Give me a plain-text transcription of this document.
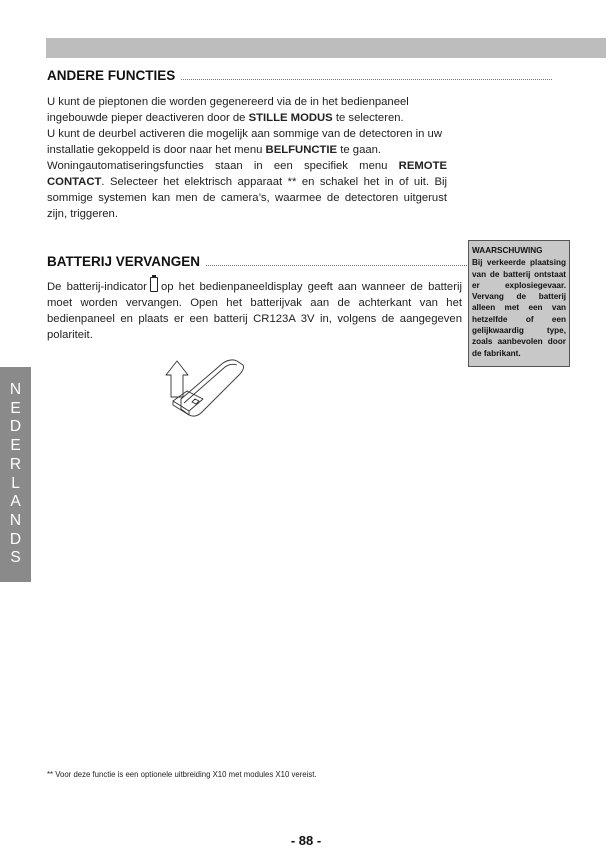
ANDERE FUNCTIES

U kunt de pieptonen die worden gegenereerd via de in het bedienpaneel
ingebouwde pieper deactiveren door de STILLE MODUS te selecteren.
U kunt de deurbel activeren die mogelijk aan sommige van de detectoren in uw
installatie gekoppeld is door naar het menu BELFUNCTIE te gaan.
Woningautomatiseringsfuncties staan in een specifiek menu REMOTE
CONTACT. Selecteer het elektrisch apparaat ** en schakel het in of uit. Bij
sommige systemen kan men de camera’s, waarmee de detectoren uitgerust
zijn, triggeren.

BATTERIJ VERVANGEN

De batterij-indicator op het bedienpaneeldisplay geeft aan wanneer de batterij moet worden vervangen. Open het batterijvak aan de achterkant van het bedienpaneel en plaats er een batterij CR123A 3V in, volgens de aangegeven polariteit.

WAARSCHUWING
Bij verkeerde plaatsing van de batterij ontstaat er explosiegevaar. Vervang de batterij alleen met een van hetzelfde of een gelijkwaardig type, zoals aanbevolen door de fabrikant.
N
E
D
E
R
L
A
N
D
S
** Voor deze functie is een optionele uitbreiding X10 met modules X10 vereist.
- 88 -
